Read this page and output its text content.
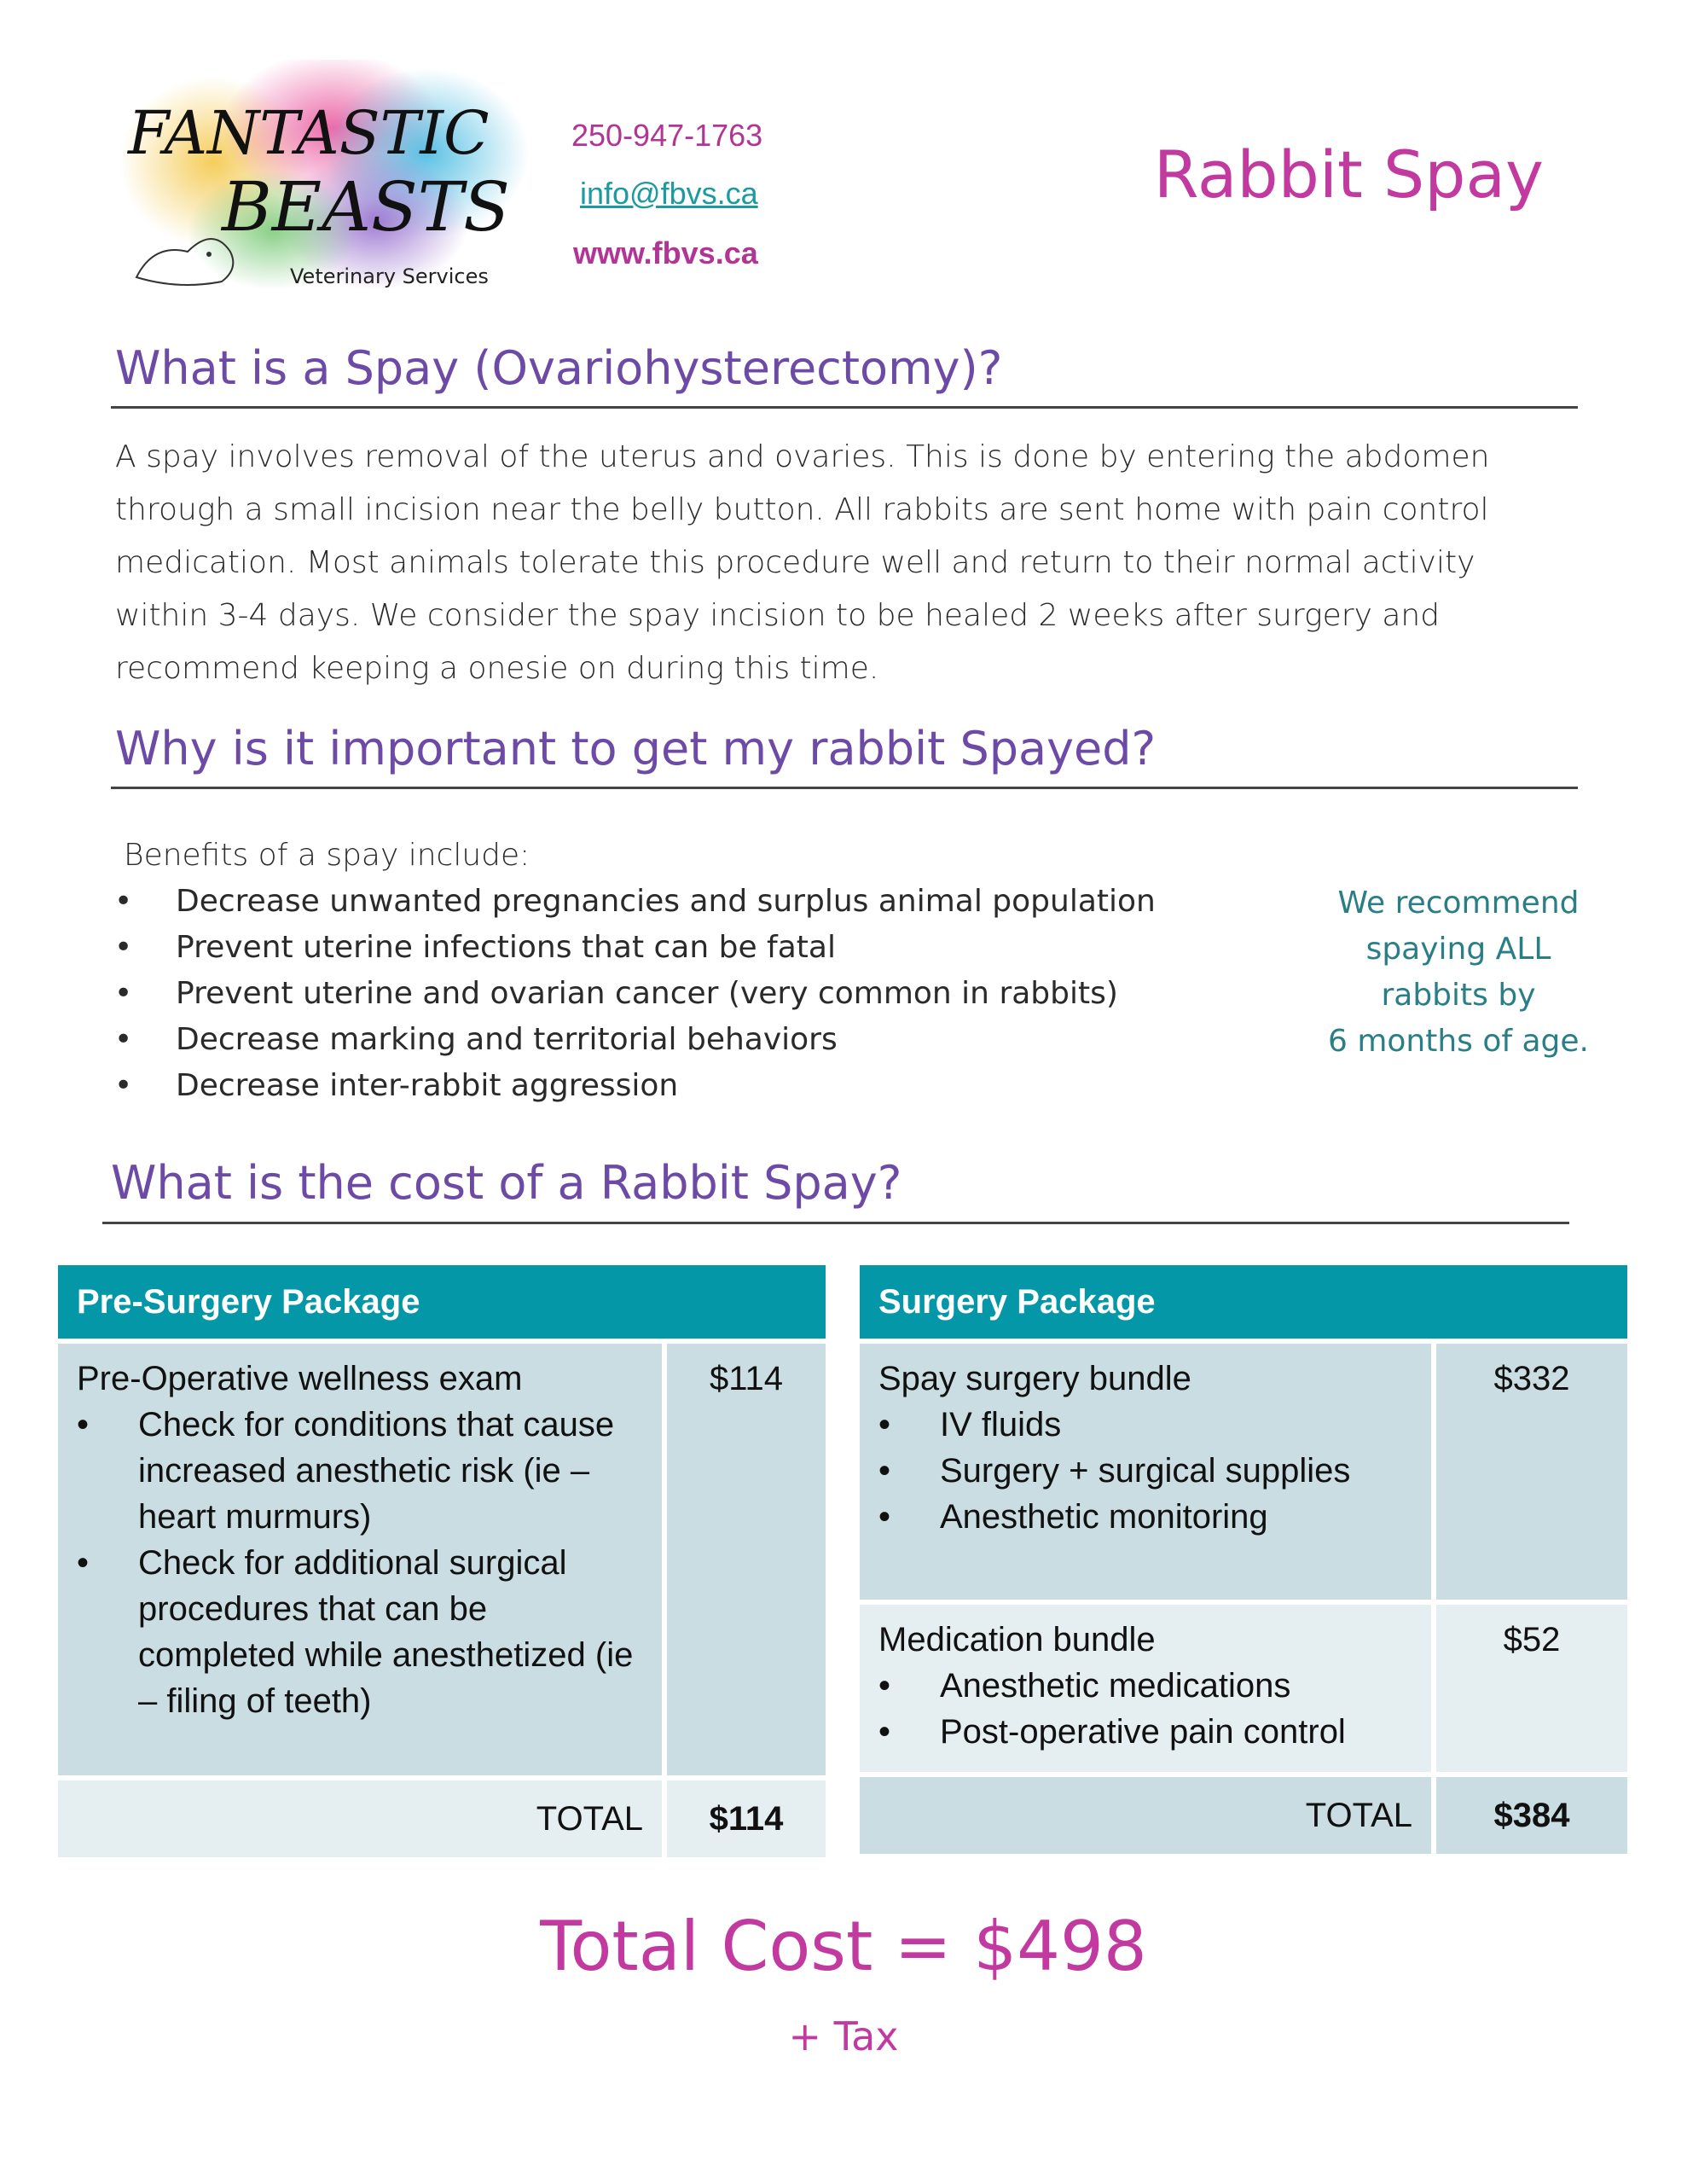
FANTASTIC
BEASTS
Veterinary Services
250-947-1763
info@fbvs.ca
www.fbvs.ca
Rabbit Spay
What is a Spay (Ovariohysterectomy)?
A spay involves removal of the uterus and ovaries. This is done by entering the abdomen through a small incision near the belly button. All rabbits are sent home with pain control medication. Most animals tolerate this procedure well and return to their normal activity within 3-4 days. We consider the spay incision to be healed 2 weeks after surgery and recommend keeping a onesie on during this time.
Why is it important to get my rabbit Spayed?
Benefits of a spay include:
• Decrease unwanted pregnancies and surplus animal population
• Prevent uterine infections that can be fatal
• Prevent uterine and ovarian cancer (very common in rabbits)
• Decrease marking and territorial behaviors
• Decrease inter-rabbit aggression
We recommend
spaying ALL
rabbits by
6 months of age.
What is the cost of a Rabbit Spay?
Pre-Surgery Package
Pre-Operative wellness exam
• Check for conditions that cause increased anesthetic risk (ie – heart murmurs)
• Check for additional surgical procedures that can be completed while anesthetized (ie – filing of teeth)
$114
TOTAL	$114
Surgery Package
Spay surgery bundle
• IV fluids
• Surgery + surgical supplies
• Anesthetic monitoring
$332
Medication bundle
• Anesthetic medications
• Post-operative pain control
$52
TOTAL	$384
Total Cost = $498
+ Tax
